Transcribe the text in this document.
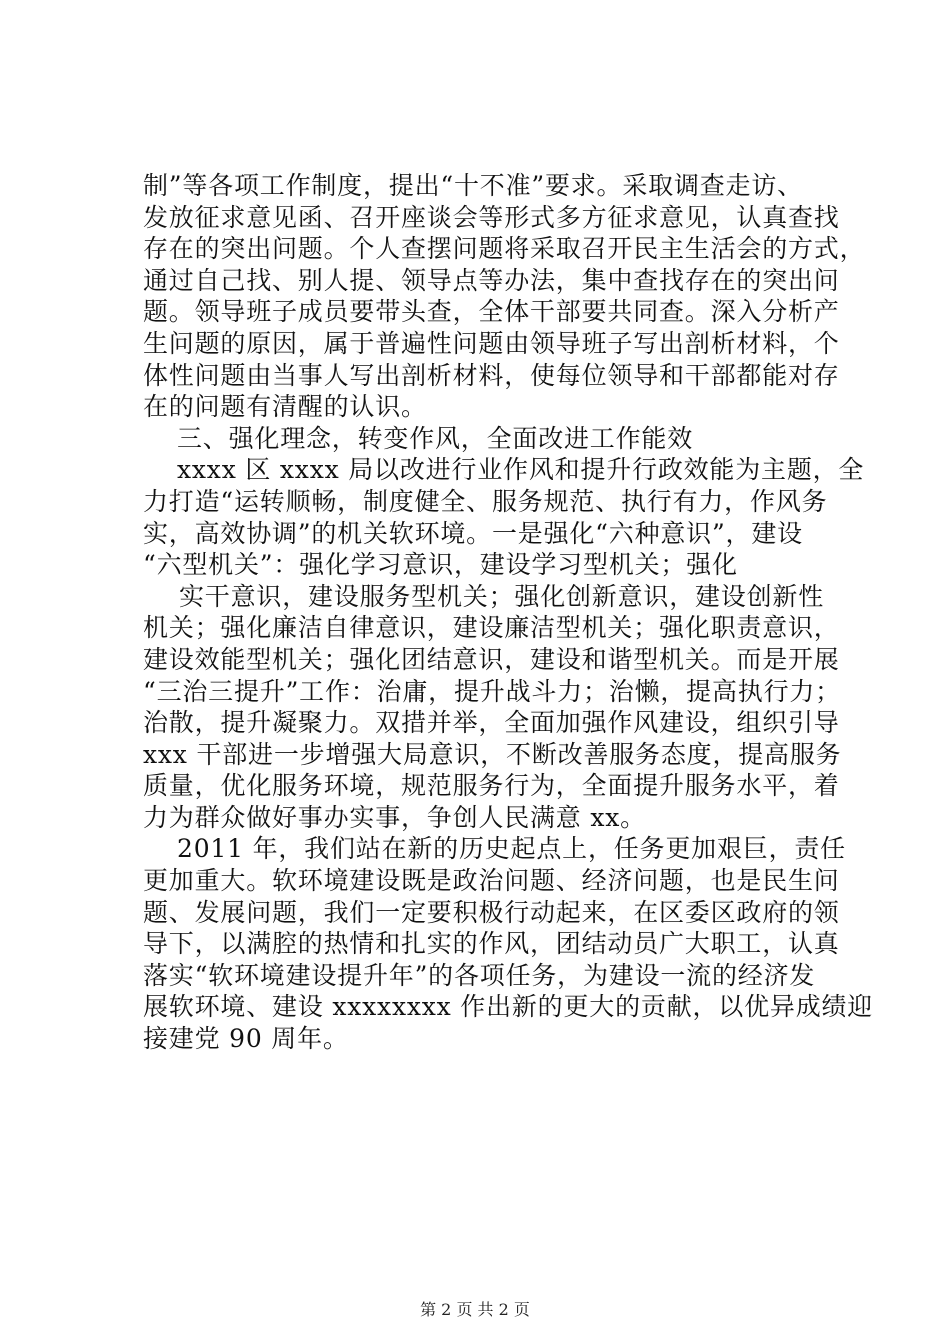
制”等各项工作制度，提出“十不准”要求。采取调查走访、
发放征求意见函、召开座谈会等形式多方征求意见，认真查找
存在的突出问题。个人查摆问题将采取召开民主生活会的方式，
通过自己找、别人提、领导点等办法，集中查找存在的突出问
题。领导班子成员要带头查，全体干部要共同查。深入分析产
生问题的原因，属于普遍性问题由领导班子写出剖析材料，个
体性问题由当事人写出剖析材料，使每位领导和干部都能对存
在的问题有清醒的认识。
三、强化理念，转变作风，全面改进工作能效
xxxx 区 xxxx 局以改进行业作风和提升行政效能为主题，全
力打造“运转顺畅，制度健全、服务规范、执行有力，作风务
实，高效协调”的机关软环境。一是强化“六种意识”，建设
“六型机关”：强化学习意识，建设学习型机关；强化
实干意识，建设服务型机关；强化创新意识，建设创新性
机关；强化廉洁自律意识，建设廉洁型机关；强化职责意识，
建设效能型机关；强化团结意识，建设和谐型机关。而是开展
“三治三提升”工作：治庸，提升战斗力；治懒，提高执行力；
治散，提升凝聚力。双措并举，全面加强作风建设，组织引导
xxx 干部进一步增强大局意识，不断改善服务态度，提高服务
质量，优化服务环境，规范服务行为，全面提升服务水平，着
力为群众做好事办实事，争创人民满意 xx。
2011 年，我们站在新的历史起点上，任务更加艰巨，责任
更加重大。软环境建设既是政治问题、经济问题，也是民生问
题、发展问题，我们一定要积极行动起来，在区委区政府的领
导下，以满腔的热情和扎实的作风，团结动员广大职工，认真
落实“软环境建设提升年”的各项任务，为建设一流的经济发
展软环境、建设 xxxxxxxx 作出新的更大的贡献，以优异成绩迎
接建党 90 周年。
第 2 页 共 2 页
